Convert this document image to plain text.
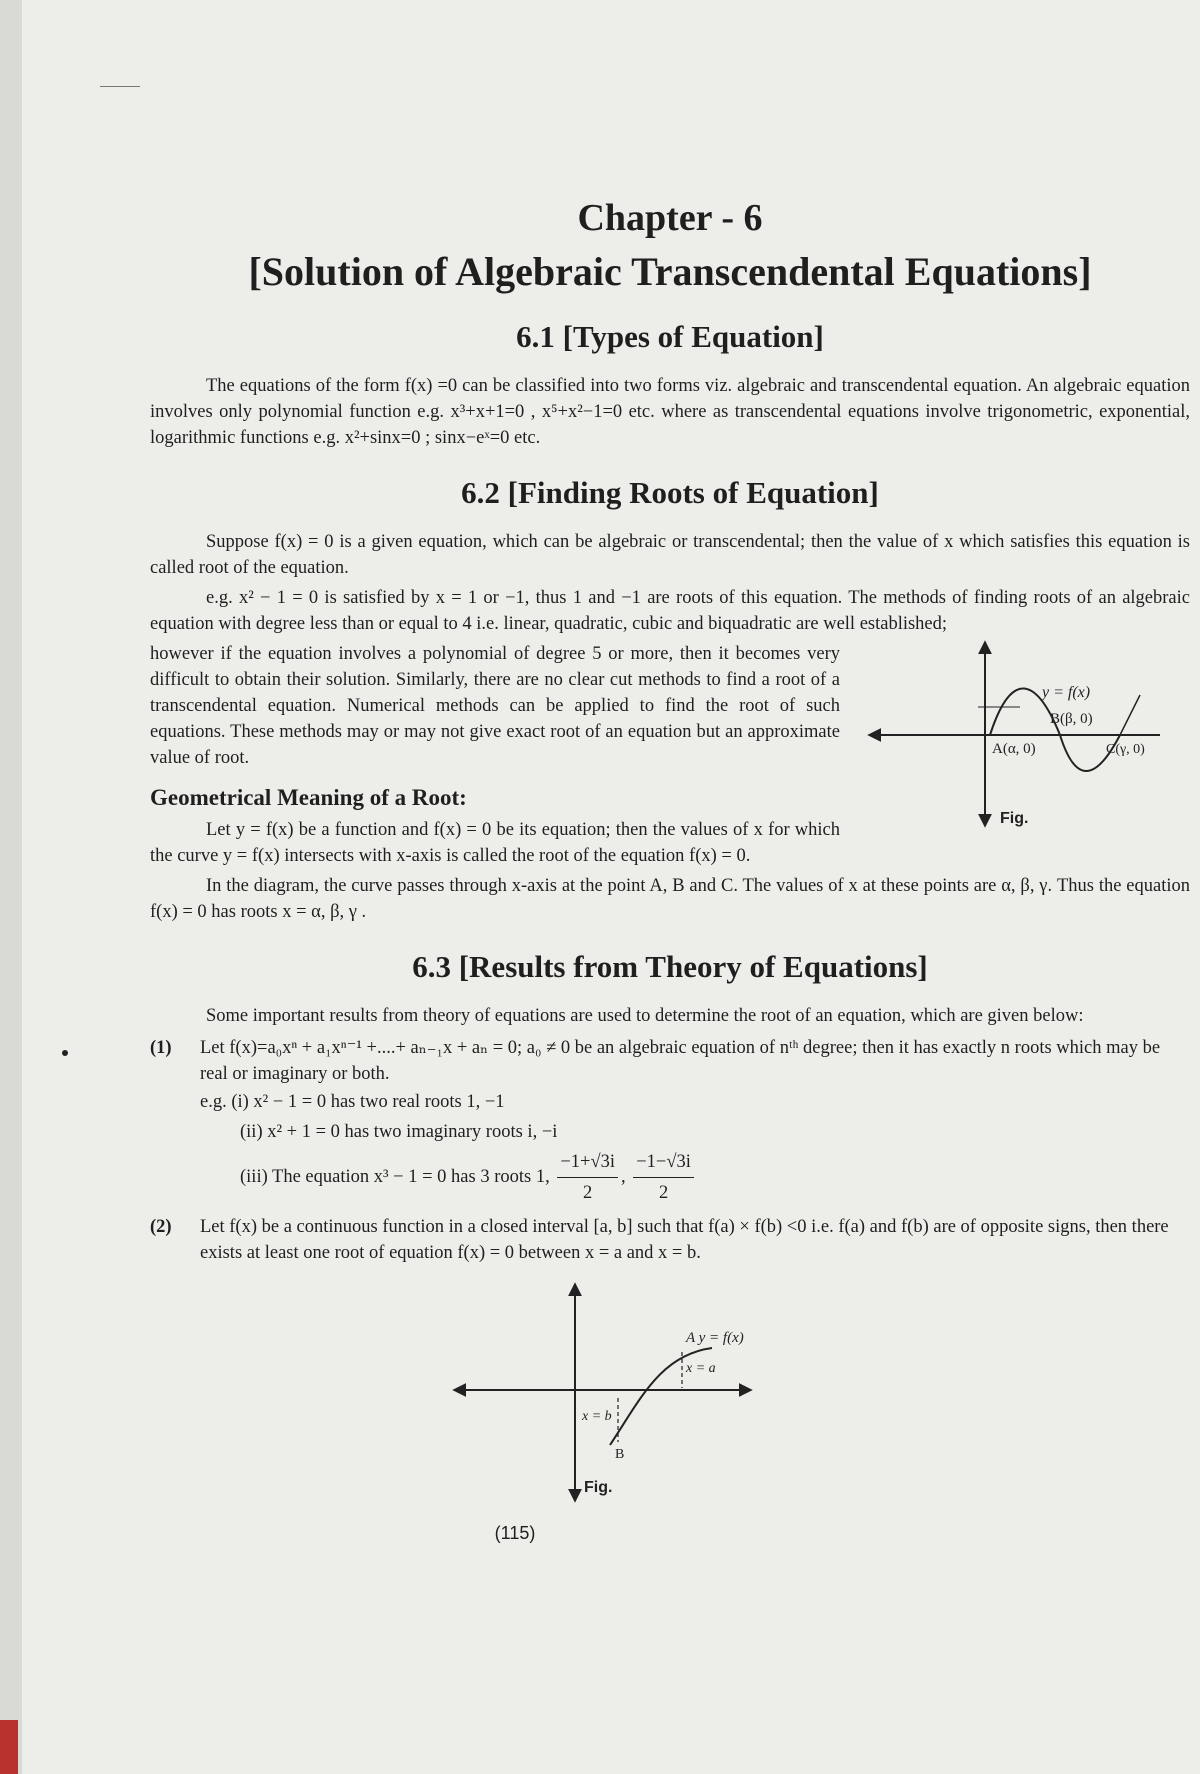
Chapter - 6
[Solution of Algebraic Transcendental Equations]
6.1 [Types of Equation]

The equations of the form f(x) =0 can be classified into two forms viz. algebraic and transcendental equation. An algebraic equation involves only polynomial function e.g. x³+x+1=0 , x⁵+x²−1=0 etc. where as transcendental equations involve trigonometric, exponential, logarithmic functions e.g. x²+sinx=0 ; sinx−eˣ=0 etc.

6.2 [Finding Roots of Equation]

Suppose f(x) = 0 is a given equation, which can be algebraic or transcendental; then the value of x which satisfies this equation is called root of the equation.

e.g. x² − 1 = 0 is satisfied by x = 1 or −1, thus 1 and −1 are roots of this equation. The methods of finding roots of an algebraic equation with degree less than or equal to 4 i.e. linear, quadratic, cubic and biquadratic are well established;

however if the equation involves a polynomial of degree 5 or more, then it becomes very difficult to obtain their solution. Similarly, there are no clear cut methods to find a root of a transcendental equation. Numerical methods can be applied to find the root of such equations. These methods may or may not give exact root of an equation but an approximate value of root.

Geometrical Meaning of a Root:

Let y = f(x) be a function and f(x) = 0 be its equation; then the values of x for which the curve y = f(x) intersects with x-axis is called the root of the equation f(x) = 0.

y = f(x)
B(β, 0)
A(α, 0)	C(γ, 0)
Fig.

In the diagram, the curve passes through x-axis at the point A, B and C. The values of x at these points are α, β, γ. Thus the equation f(x) = 0 has roots x = α, β, γ .

6.3 [Results from Theory of Equations]

Some important results from theory of equations are used to determine the root of an equation, which are given below:

(1)	Let f(x)=a₀xⁿ + a₁xⁿ⁻¹ +....+ aₙ₋₁x + aₙ = 0; a₀ ≠ 0 be an algebraic equation of nᵗʰ degree; then it has exactly n roots which may be real or imaginary or both.
e.g. (i) x² − 1 = 0 has two real roots 1, −1
(ii) x² + 1 = 0 has two imaginary roots i, −i
(iii) The equation x³ − 1 = 0 has 3 roots 1, $\frac{-1+√3i}{2}$ , $\frac{-1-√3i}{2}$
(2)	Let f(x) be a continuous function in a closed interval [a, b] such that f(a) × f(b) <0 i.e. f(a) and f(b) are of opposite signs, then there exists at least one root of equation f(x) = 0 between x = a and x = b.
A y = f(x)
x = a
x = b
B
Fig.
(115)
